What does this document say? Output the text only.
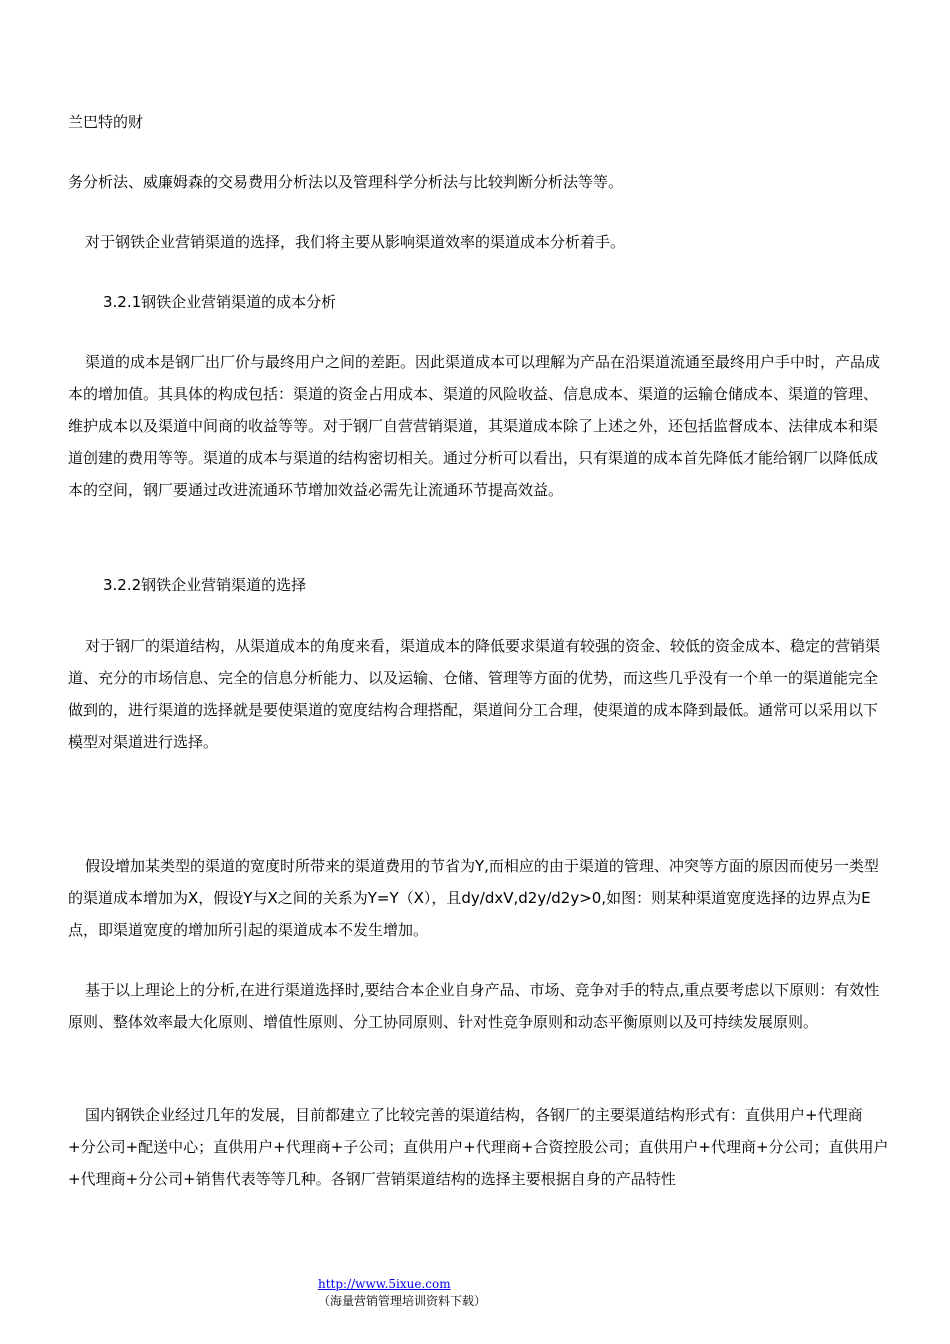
兰巴特的财

务分析法、威廉姆森的交易费用分析法以及管理科学分析法与比较判断分析法等等。

对于钢铁企业营销渠道的选择，我们将主要从影响渠道效率的渠道成本分析着手。

3.2.1钢铁企业营销渠道的成本分析

渠道的成本是钢厂出厂价与最终用户之间的差距。因此渠道成本可以理解为产品在沿渠道流通至最终用户手中时，产品成本的增加值。其具体的构成包括：渠道的资金占用成本、渠道的风险收益、信息成本、渠道的运输仓储成本、渠道的管理、维护成本以及渠道中间商的收益等等。对于钢厂自营营销渠道，其渠道成本除了上述之外，还包括监督成本、法律成本和渠道创建的费用等等。渠道的成本与渠道的结构密切相关。通过分析可以看出，只有渠道的成本首先降低才能给钢厂以降低成本的空间，钢厂要通过改进流通环节增加效益必需先让流通环节提高效益。

3.2.2钢铁企业营销渠道的选择

对于钢厂的渠道结构，从渠道成本的角度来看，渠道成本的降低要求渠道有较强的资金、较低的资金成本、稳定的营销渠道、充分的市场信息、完全的信息分析能力、以及运输、仓储、管理等方面的优势，而这些几乎没有一个单一的渠道能完全做到的，进行渠道的选择就是要使渠道的宽度结构合理搭配，渠道间分工合理，使渠道的成本降到最低。通常可以采用以下模型对渠道进行选择。

假设增加某类型的渠道的宽度时所带来的渠道费用的节省为Y,而相应的由于渠道的管理、冲突等方面的原因而使另一类型的渠道成本增加为X，假设Y与X之间的关系为Y=Y（X），且dy/dxV,d2y/d2y>0,如图：则某种渠道宽度选择的边界点为E点，即渠道宽度的增加所引起的渠道成本不发生增加。

基于以上理论上的分析,在进行渠道选择时,要结合本企业自身产品、市场、竞争对手的特点,重点要考虑以下原则：有效性原则、整体效率最大化原则、增值性原则、分工协同原则、针对性竞争原则和动态平衡原则以及可持续发展原则。

国内钢铁企业经过几年的发展，目前都建立了比较完善的渠道结构，各钢厂的主要渠道结构形式有：直供用户+代理商+分公司+配送中心；直供用户+代理商+子公司；直供用户+代理商+合资控股公司；直供用户+代理商+分公司；直供用户+代理商+分公司+销售代表等等几种。各钢厂营销渠道结构的选择主要根据自身的产品特性

http://www.5ixue.com（海量营销管理培训资料下载）
